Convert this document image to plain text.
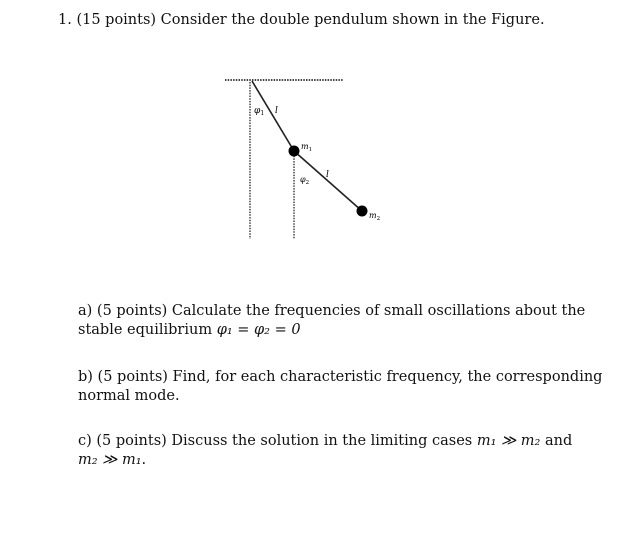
1. (15 points) Consider the double pendulum shown in the Figure.
$\varphi_1$ l
$m_1$
$\varphi_2$
l
$m_2$
a) (5 points) Calculate the frequencies of small oscillations about the
stable equilibrium φ₁ = φ₂ = 0
b) (5 points) Find, for each characteristic frequency, the corresponding
normal mode.
c) (5 points) Discuss the solution in the limiting cases m₁ ≫ m₂ and
m₂ ≫ m₁.
